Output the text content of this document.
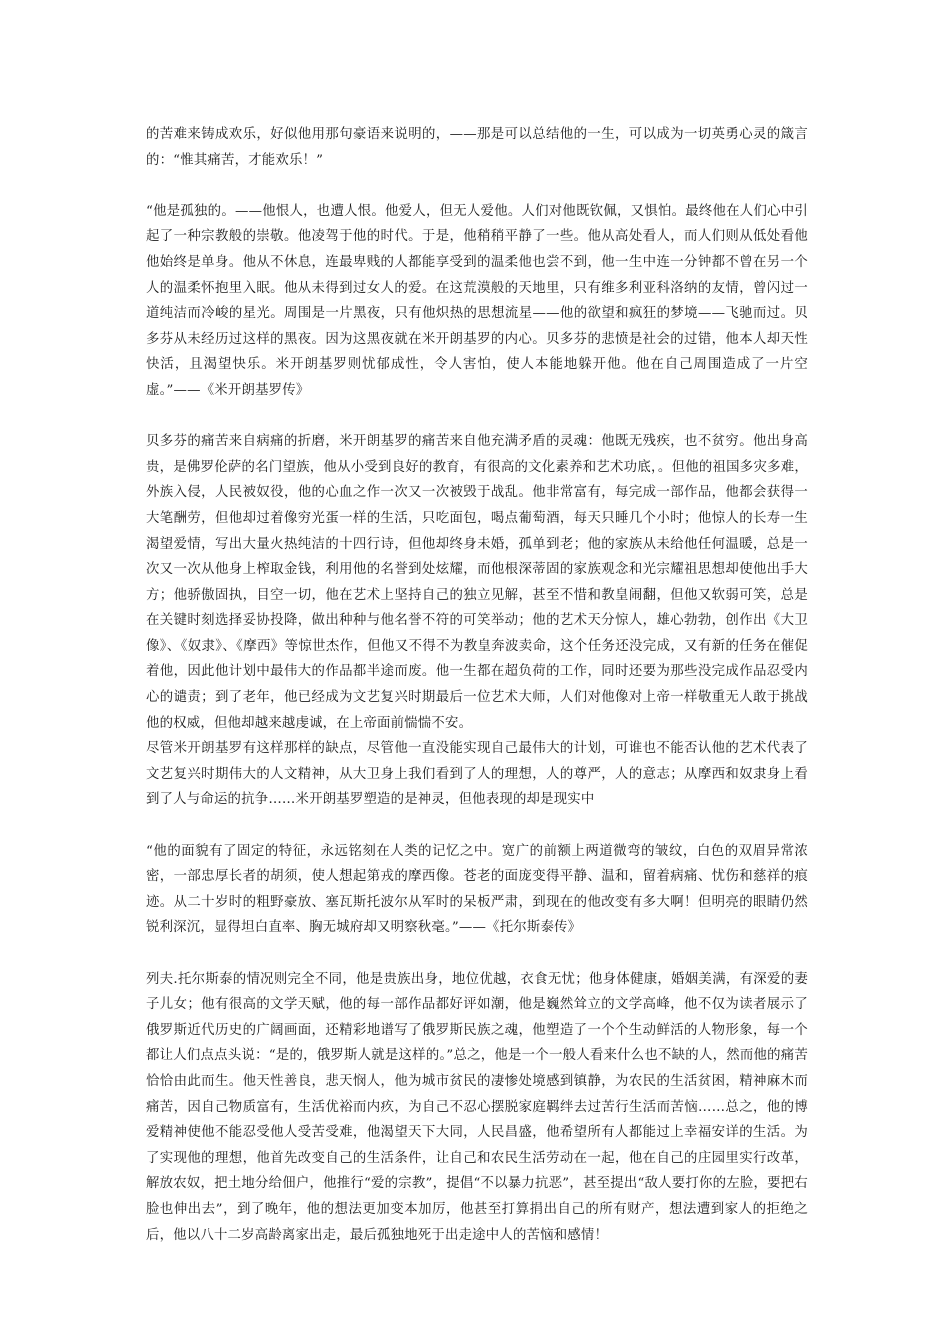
的苦难来铸成欢乐，好似他用那句豪语来说明的，——那是可以总结他的一生，可以成为一切英勇心灵的箴言的：“惟其痛苦，才能欢乐！”

“他是孤独的。——他恨人，也遭人恨。他爱人，但无人爱他。人们对他既钦佩，又惧怕。最终他在人们心中引起了一种宗教般的崇敬。他凌驾于他的时代。于是，他稍稍平静了一些。他从高处看人，而人们则从低处看他他始终是单身。他从不休息，连最卑贱的人都能享受到的温柔他也尝不到，他一生中连一分钟都不曾在另一个人的温柔怀抱里入眠。他从未得到过女人的爱。在这荒漠般的天地里，只有维多利亚科洛纳的友情，曾闪过一道纯洁而冷峻的星光。周围是一片黑夜，只有他炽热的思想流星——他的欲望和疯狂的梦境——飞驰而过。贝多芬从未经历过这样的黑夜。因为这黑夜就在米开朗基罗的内心。贝多芬的悲愤是社会的过错，他本人却天性快活，且渴望快乐。米开朗基罗则忧郁成性，令人害怕，使人本能地躲开他。他在自己周围造成了一片空虚。”——《米开朗基罗传》

贝多芬的痛苦来自病痛的折磨，米开朗基罗的痛苦来自他充满矛盾的灵魂：他既无残疾，也不贫穷。他出身高贵，是佛罗伦萨的名门望族，他从小受到良好的教育，有很高的文化素养和艺术功底，。但他的祖国多灾多难，外族入侵，人民被奴役，他的心血之作一次又一次被毁于战乱。他非常富有，每完成一部作品，他都会获得一大笔酬劳，但他却过着像穷光蛋一样的生活，只吃面包，喝点葡萄酒，每天只睡几个小时；他惊人的长寿一生渴望爱情，写出大量火热纯洁的十四行诗，但他却终身未婚，孤单到老；他的家族从未给他任何温暖，总是一次又一次从他身上榨取金钱，利用他的名誉到处炫耀，而他根深蒂固的家族观念和光宗耀祖思想却使他出手大方；他骄傲固执，目空一切，他在艺术上坚持自己的独立见解，甚至不惜和教皇闹翻，但他又软弱可笑，总是在关键时刻选择妥协投降，做出种种与他名誉不符的可笑举动；他的艺术天分惊人，雄心勃勃，创作出《大卫像》、《奴隶》、《摩西》等惊世杰作，但他又不得不为教皇奔波卖命，这个任务还没完成，又有新的任务在催促着他，因此他计划中最伟大的作品都半途而废。他一生都在超负荷的工作，同时还要为那些没完成作品忍受内心的谴责；到了老年，他已经成为文艺复兴时期最后一位艺术大师，人们对他像对上帝一样敬重无人敢于挑战他的权威，但他却越来越虔诚，在上帝面前惴惴不安。

尽管米开朗基罗有这样那样的缺点，尽管他一直没能实现自己最伟大的计划，可谁也不能否认他的艺术代表了文艺复兴时期伟大的人文精神，从大卫身上我们看到了人的理想，人的尊严，人的意志；从摩西和奴隶身上看到了人与命运的抗争……米开朗基罗塑造的是神灵，但他表现的却是现实中

“他的面貌有了固定的特征，永远铭刻在人类的记忆之中。宽广的前额上两道微弯的皱纹，白色的双眉异常浓密，一部忠厚长者的胡须，使人想起第戎的摩西像。苍老的面庞变得平静、温和，留着病痛、忧伤和慈祥的痕迹。从二十岁时的粗野豪放、塞瓦斯托波尔从军时的呆板严肃，到现在的他改变有多大啊！但明亮的眼睛仍然锐利深沉，显得坦白直率、胸无城府却又明察秋毫。”——《托尔斯泰传》

列夫.托尔斯泰的情况则完全不同，他是贵族出身，地位优越，衣食无忧；他身体健康，婚姻美满，有深爱的妻子儿女；他有很高的文学天赋，他的每一部作品都好评如潮，他是巍然耸立的文学高峰，他不仅为读者展示了俄罗斯近代历史的广阔画面，还精彩地谱写了俄罗斯民族之魂，他塑造了一个个生动鲜活的人物形象，每一个都让人们点点头说：“是的，俄罗斯人就是这样的。”总之，他是一个一般人看来什么也不缺的人，然而他的痛苦恰恰由此而生。他天性善良，悲天悯人，他为城市贫民的凄惨处境感到镇静，为农民的生活贫困，精神麻木而痛苦，因自己物质富有，生活优裕而内疚，为自己不忍心摆脱家庭羁绊去过苦行生活而苦恼……总之，他的博爱精神使他不能忍受他人受苦受难，他渴望天下大同，人民昌盛，他希望所有人都能过上幸福安详的生活。为了实现他的理想，他首先改变自己的生活条件，让自己和农民生活劳动在一起，他在自己的庄园里实行改革，解放农奴，把土地分给佃户，他推行“爱的宗教”，提倡“不以暴力抗恶”，甚至提出“敌人要打你的左脸，要把右脸也伸出去”，到了晚年，他的想法更加变本加厉，他甚至打算捐出自己的所有财产，想法遭到家人的拒绝之后，他以八十二岁高龄离家出走，最后孤独地死于出走途中人的苦恼和感情！
